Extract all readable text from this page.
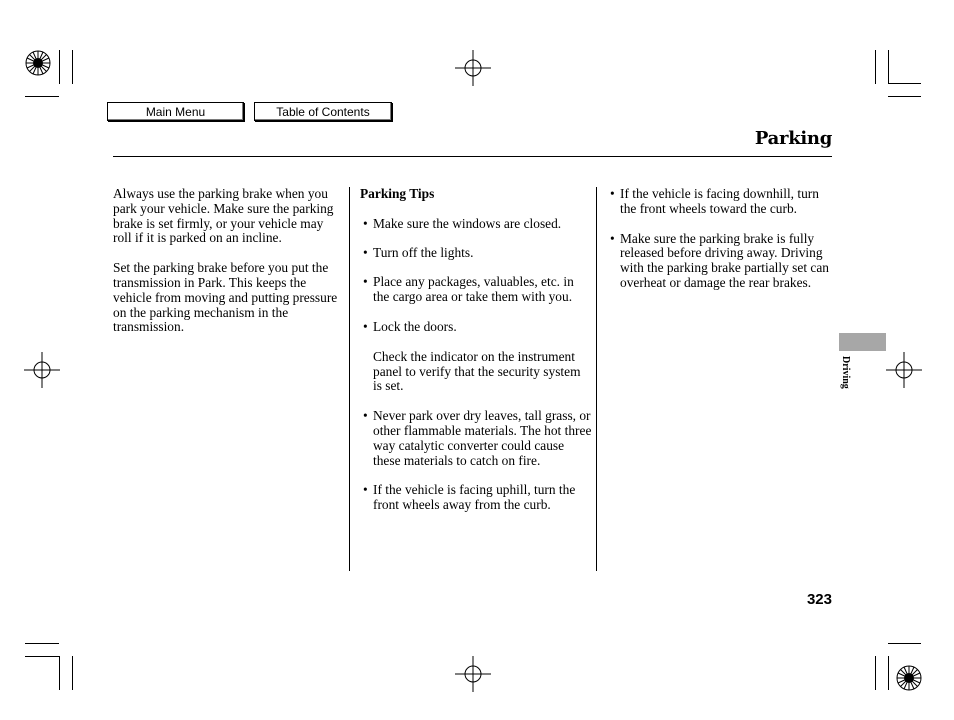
Main Menu	Table of Contents
Parking

Always use the parking brake when you park your vehicle. Make sure the parking brake is set firmly, or your vehicle may roll if it is parked on an incline.

Set the parking brake before you put the transmission in Park. This keeps the vehicle from moving and putting pressure on the parking mechanism in the transmission.

Parking Tips

• Make sure the windows are closed.
• Turn off the lights.
• Place any packages, valuables, etc. in the cargo area or take them with you.
• Lock the doors.

Check the indicator on the instrument panel to verify that the security system is set.

• Never park over dry leaves, tall grass, or other flammable materials. The hot three way catalytic converter could cause these materials to catch on fire.
• If the vehicle is facing uphill, turn the front wheels away from the curb.
• If the vehicle is facing downhill, turn the front wheels toward the curb.
• Make sure the parking brake is fully released before driving away. Driving with the parking brake partially set can overheat or damage the rear brakes.
Driving
323
